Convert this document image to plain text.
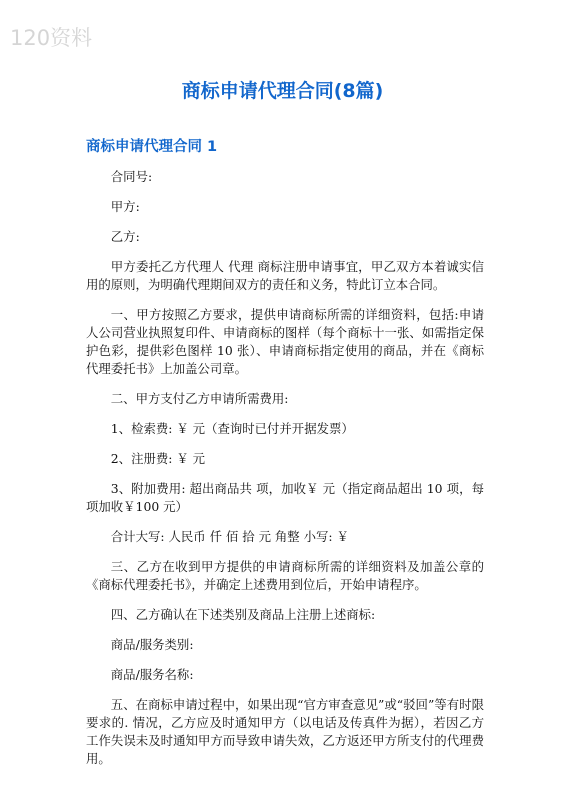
120资料
商标申请代理合同(8篇)
商标申请代理合同 1

合同号:

甲方:

乙方:

甲方委托乙方代理人 代理 商标注册申请事宜，甲乙双方本着诚实信用的原则，为明确代理期间双方的责任和义务，特此订立本合同。

一、甲方按照乙方要求，提供申请商标所需的详细资料，包括:申请人公司营业执照复印件、申请商标的图样（每个商标十一张、如需指定保护色彩，提供彩色图样 10 张）、申请商标指定使用的商品，并在《商标代理委托书》上加盖公司章。

二、甲方支付乙方申请所需费用:

1、检索费: ￥ 元（查询时已付并开据发票）

2、注册费: ￥ 元

3、附加费用: 超出商品共 项，加收￥ 元（指定商品超出 10 项，每项加收￥100 元）

合计大写: 人民币 仟 佰 拾 元 角整 小写: ￥

三、乙方在收到甲方提供的申请商标所需的详细资料及加盖公章的《商标代理委托书》，并确定上述费用到位后，开始申请程序。

四、乙方确认在下述类别及商品上注册上述商标:

商品/服务类别:

商品/服务名称:

五、在商标申请过程中，如果出现“官方审查意见”或“驳回”等有时限要求的. 情况，乙方应及时通知甲方（以电话及传真件为据），若因乙方工作失误未及时通知甲方而导致申请失效，乙方返还甲方所支付的代理费用。
